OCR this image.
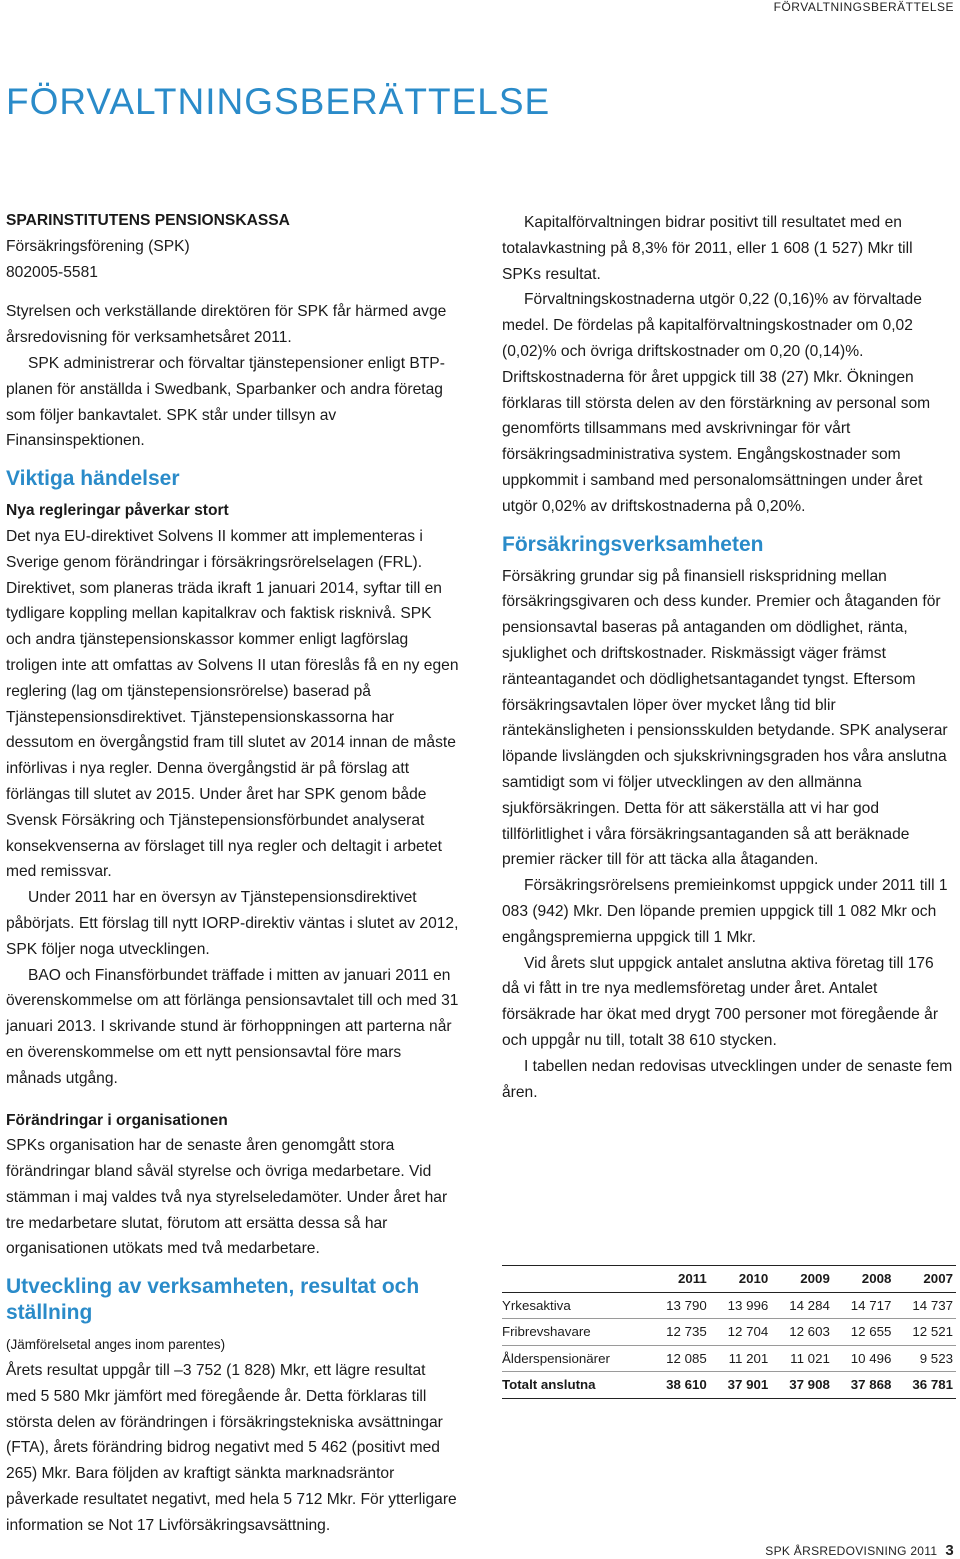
FÖRVALTNINGSBERÄTTELSE
FÖRVALTNINGSBERÄTTELSE

SPARINSTITUTENS PENSIONSKASSA

Försäkringsförening (SPK)

802005-5581

Styrelsen och verkställande direktören för SPK får härmed avge årsredovisning för verksamhetsåret 2011.

SPK administrerar och förvaltar tjänstepensioner enligt BTP-planen för anställda i Swedbank, Sparbanker och andra företag som följer bankavtalet. SPK står under tillsyn av Finansinspektionen.

Viktiga händelser

Nya regleringar påverkar stort

Det nya EU-direktivet Solvens II kommer att implementeras i Sverige genom förändringar i försäkringsrörelselagen (FRL). Direktivet, som planeras träda ikraft 1 januari 2014, syftar till en tydligare koppling mellan kapitalkrav och faktisk risknivå. SPK och andra tjänstepensionskassor kommer enligt lagförslag troligen inte att omfattas av Solvens II utan föreslås få en ny egen reglering (lag om tjänstepensionsrörelse) baserad på Tjänstepensionsdirektivet. Tjänstepensionskassorna har dessutom en övergångstid fram till slutet av 2014 innan de måste införlivas i nya regler. Denna övergångstid är på förslag att förlängas till slutet av 2015. Under året har SPK genom både Svensk Försäkring och Tjänstepensionsförbundet analyserat konsekvenserna av förslaget till nya regler och deltagit i arbetet med remissvar.

Under 2011 har en översyn av Tjänstepensionsdirektivet påbörjats. Ett förslag till nytt IORP-direktiv väntas i slutet av 2012, SPK följer noga utvecklingen.

BAO och Finansförbundet träffade i mitten av januari 2011 en överenskommelse om att förlänga pensionsavtalet till och med 31 januari 2013. I skrivande stund är förhoppningen att parterna når en överenskommelse om ett nytt pensionsavtal före mars månads utgång.

Förändringar i organisationen

SPKs organisation har de senaste åren genomgått stora förändringar bland såväl styrelse och övriga medarbetare. Vid stämman i maj valdes två nya styrelseledamöter. Under året har tre medarbetare slutat, förutom att ersätta dessa så har organisationen utökats med två medarbetare.

Utveckling av verksamheten, resultat och ställning

(Jämförelsetal anges inom parentes)

Årets resultat uppgår till –3 752 (1 828) Mkr, ett lägre resultat med 5 580 Mkr jämfört med föregående år. Detta förklaras till största delen av förändringen i försäkringstekniska avsättningar (FTA), årets förändring bidrog negativt med 5 462 (positivt med 265) Mkr. Bara följden av kraftigt sänkta marknadsräntor påverkade resultatet negativt, med hela 5 712 Mkr. För ytterligare information se Not 17 Livförsäkringsavsättning.

Kapitalförvaltningen bidrar positivt till resultatet med en totalavkastning på 8,3% för 2011, eller 1 608 (1 527) Mkr till SPKs resultat.

Förvaltningskostnaderna utgör 0,22 (0,16)% av förvaltade medel. De fördelas på kapitalförvaltningskostnader om 0,02 (0,02)% och övriga driftskostnader om 0,20 (0,14)%. Driftskostnaderna för året uppgick till 38 (27) Mkr. Ökningen förklaras till största delen av den förstärkning av personal som genomförts tillsammans med avskrivningar för vårt försäkringsadministrativa system. Engångskostnader som uppkommit i samband med personalomsättningen under året utgör 0,02% av driftskostnaderna på 0,20%.

Försäkringsverksamheten

Försäkring grundar sig på finansiell riskspridning mellan försäkringsgivaren och dess kunder. Premier och åtaganden för pensionsavtal baseras på antaganden om dödlighet, ränta, sjuklighet och driftskostnader. Riskmässigt väger främst ränteantagandet och dödlighetsantagandet tyngst. Eftersom försäkringsavtalen löper över mycket lång tid blir räntekänsligheten i pensionsskulden betydande. SPK analyserar löpande livslängden och sjukskrivningsgraden hos våra anslutna samtidigt som vi följer utvecklingen av den allmänna sjukförsäkringen. Detta för att säkerställa att vi har god tillförlitlighet i våra försäkringsantaganden så att beräknade premier räcker till för att täcka alla åtaganden.

Försäkringsrörelsens premieinkomst uppgick under 2011 till 1 083 (942) Mkr. Den löpande premien uppgick till 1 082 Mkr och engångspremierna uppgick till 1 Mkr.

Vid årets slut uppgick antalet anslutna aktiva företag till 176 då vi fått in tre nya medlemsföretag under året. Antalet försäkrade har ökat med drygt 700 personer mot föregående år och uppgår nu till, totalt 38 610 stycken.

I tabellen nedan redovisas utvecklingen under de senaste fem åren.

	2011	2010	2009	2008	2007
Yrkesaktiva	13 790	13 996	14 284	14 717	14 737
Fribrevshavare	12 735	12 704	12 603	12 655	12 521
Ålderspensionärer	12 085	11 201	11 021	10 496	9 523
Totalt anslutna	38 610	37 901	37 908	37 868	36 781
SPK ÅRSREDOVISNING 2011 3
